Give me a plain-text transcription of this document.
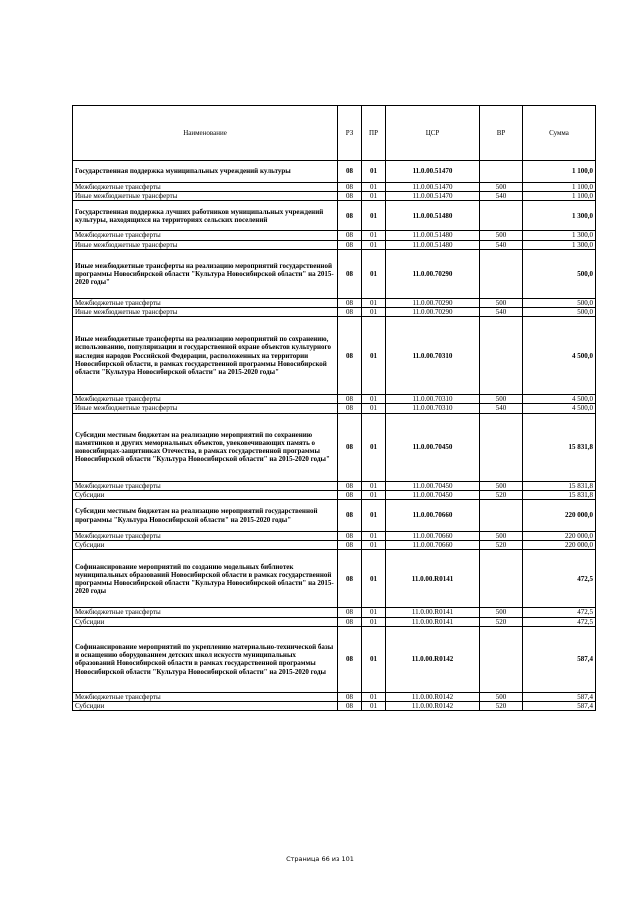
Наименование	РЗ	ПР	ЦСР	ВР	Сумма
Государственная поддержка муниципальных учреждений культуры	08	01	11.0.00.51470		1 100,0
Межбюджетные трансферты	08	01	11.0.00.51470	500	1 100,0
Иные межбюджетные трансферты	08	01	11.0.00.51470	540	1 100,0
Государственная поддержка лучших работников муниципальных учреждений культуры, находящихся на территориях сельских поселений	08	01	11.0.00.51480		1 300,0
Межбюджетные трансферты	08	01	11.0.00.51480	500	1 300,0
Иные межбюджетные трансферты	08	01	11.0.00.51480	540	1 300,0
Иные межбюджетные трансферты на реализацию мероприятий государственной программы Новосибирской области "Культура Новосибирской области" на 2015-2020 годы"	08	01	11.0.00.70290		500,0
Межбюджетные трансферты	08	01	11.0.00.70290	500	500,0
Иные межбюджетные трансферты	08	01	11.0.00.70290	540	500,0
Иные межбюджетные трансферты на реализацию мероприятий по сохранению, использованию, популяризации и государственной охране объектов культурного наследия народов Российской Федерации, расположенных на территории Новосибирской области, в рамках государственной программы Новосибирской области "Культура Новосибирской области" на 2015-2020 годы"	08	01	11.0.00.70310		4 500,0
Межбюджетные трансферты	08	01	11.0.00.70310	500	4 500,0
Иные межбюджетные трансферты	08	01	11.0.00.70310	540	4 500,0
Субсидии местным бюджетам на реализацию мероприятий по сохранению памятников и других мемориальных объектов, увековечивающих память о новосибирцах-защитниках Отечества, в рамках государственной программы Новосибирской области "Культура Новосибирской области" на 2015-2020 годы"	08	01	11.0.00.70450		15 831,8
Межбюджетные трансферты	08	01	11.0.00.70450	500	15 831,8
Субсидии	08	01	11.0.00.70450	520	15 831,8
Субсидии местным бюджетам на реализацию мероприятий государственной программы "Культура Новосибирской области" на 2015-2020 годы"	08	01	11.0.00.70660		220 000,0
Межбюджетные трансферты	08	01	11.0.00.70660	500	220 000,0
Субсидии	08	01	11.0.00.70660	520	220 000,0
Софинансирование мероприятий по созданию модельных библиотек муниципальных образований Новосибирской области в рамках государственной программы Новосибирской области "Культура Новосибирской области" на 2015-2020 годы	08	01	11.0.00.R0141		472,5
Межбюджетные трансферты	08	01	11.0.00.R0141	500	472,5
Субсидии	08	01	11.0.00.R0141	520	472,5
Софинансирование мероприятий по укреплению материально-технической базы и оснащению оборудованием детских школ искусств муниципальных образований Новосибирской области в рамках государственной программы Новосибирской области "Культура Новосибирской области" на 2015-2020 годы	08	01	11.0.00.R0142		587,4
Межбюджетные трансферты	08	01	11.0.00.R0142	500	587,4
Субсидии	08	01	11.0.00.R0142	520	587,4
Страница 66 из 101
